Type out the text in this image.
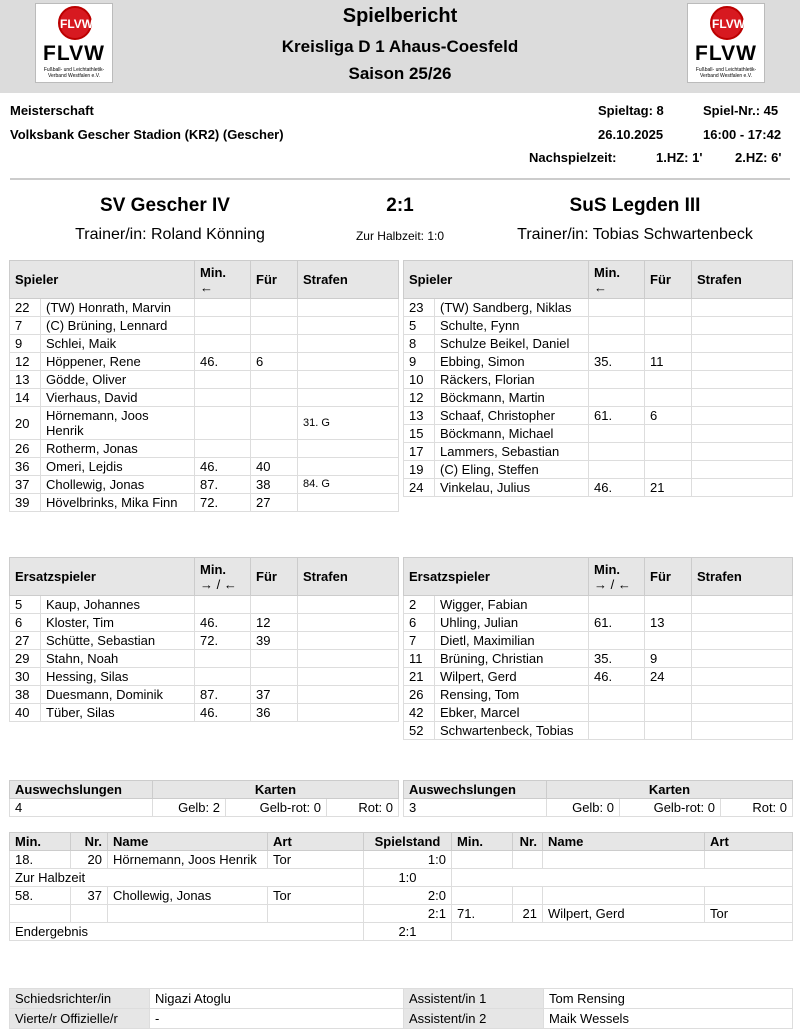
FLVW
FLVW
Fußball- und Leichtathletik-Verband Westfalen e.V.
Spielbericht
Kreisliga D 1 Ahaus-Coesfeld
Saison 25/26
FLVW
FLVW
Fußball- und Leichtathletik-Verband Westfalen e.V.
Meisterschaft
Volksbank Gescher Stadion (KR2) (Gescher)
Spieltag: 8	Spiel-Nr.: 45
26.10.2025	16:00 - 17:42
Nachspielzeit:	1.HZ: 1'	2.HZ: 6'
SV Gescher IV	2:1	SuS Legden III
Trainer/in: Roland Könning	Zur Halbzeit: 1:0	Trainer/in: Tobias Schwartenbeck
Spieler		Min.
←	Für	Strafen
22	(TW) Honrath, Marvin			
7	(C) Brüning, Lennard			
9	Schlei, Maik			
12	Höppener, Rene	46.	6	
13	Gödde, Oliver			
14	Vierhaus, David			
20	Hörnemann, Joos Henrik			31. G
26	Rotherm, Jonas			
36	Omeri, Lejdis	46.	40	
37	Chollewig, Jonas	87.	38	84. G
39	Hövelbrinks, Mika Finn	72.	27	
Spieler		Min.
←	Für	Strafen
23	(TW) Sandberg, Niklas			
5	Schulte, Fynn			
8	Schulze Beikel, Daniel			
9	Ebbing, Simon	35.	11	
10	Räckers, Florian			
12	Böckmann, Martin			
13	Schaaf, Christopher	61.	6	
15	Böckmann, Michael			
17	Lammers, Sebastian			
19	(C) Eling, Steffen			
24	Vinkelau, Julius	46.	21	
Ersatzspieler		Min.
→ / ←	Für	Strafen
5	Kaup, Johannes			
6	Kloster, Tim	46.	12	
27	Schütte, Sebastian	72.	39	
29	Stahn, Noah			
30	Hessing, Silas			
38	Duesmann, Dominik	87.	37	
40	Tüber, Silas	46.	36	
Ersatzspieler		Min.
→ / ←	Für	Strafen
2	Wigger, Fabian			
6	Uhling, Julian	61.	13	
7	Dietl, Maximilian			
11	Brüning, Christian	35.	9	
21	Wilpert, Gerd	46.	24	
26	Rensing, Tom			
42	Ebker, Marcel			
52	Schwartenbeck, Tobias			
Auswechslungen	Karten		
4	Gelb: 2	Gelb-rot: 0	Rot: 0
Auswechslungen	Karten		
3	Gelb: 0	Gelb-rot: 0	Rot: 0
Min.	Nr.	Name	Art	Spielstand	Min.	Nr.	Name	Art
18.	20	Hörnemann, Joos Henrik	Tor	1:0				
Zur Halbzeit				1:0				
58.	37	Chollewig, Jonas	Tor	2:0				
				2:1	71.	21	Wilpert, Gerd	Tor
Endergebnis				2:1				
Schiedsrichter/in	Nigazi Atoglu	Assistent/in 1	Tom Rensing
Vierte/r Offizielle/r	-	Assistent/in 2	Maik Wessels
